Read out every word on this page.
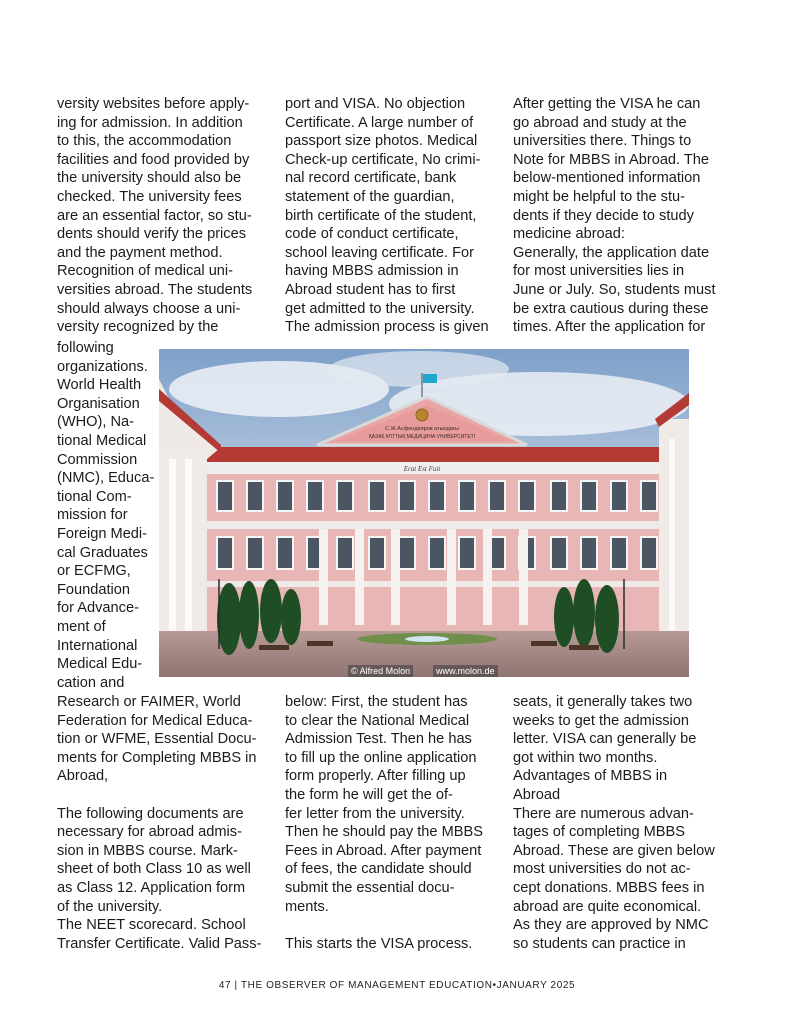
versity websites before apply-
ing for admission. In addition
to this, the accommodation
facilities and food provided by
the university should also be
checked. The university fees
are an essential factor, so stu-
dents should verify the prices
and the payment method.
Recognition of medical uni-
versities abroad. The students
should always choose a uni-
versity recognized by the
following
organizations.
World Health
Organisation
(WHO), Na-
tional Medical
Commission
(NMC), Educa-
tional Com-
mission for
Foreign Medi-
cal Graduates
or ECFMG,
Foundation
for Advance-
ment of
International
Medical Edu-
cation and
Research or FAIMER, World
Federation for Medical Educa-
tion or WFME, Essential Docu-
ments for Completing MBBS in
Abroad,
The following documents are
necessary for abroad admis-
sion in MBBS course. Mark-
sheet of both Class 10 as well
as Class 12. Application form
of the university.
The NEET scorecard. School
Transfer Certificate. Valid Pass-
port and VISA. No objection
Certificate. A large number of
passport size photos. Medical
Check-up certificate, No crimi-
nal record certificate, bank
statement of the guardian,
birth certificate of the student,
code of conduct certificate,
school leaving certificate. For
having MBBS admission in
Abroad student has to first
get admitted to the university.
The admission process is given
below: First, the student has
to clear the National Medical
Admission Test. Then he has
to fill up the online application
form properly. After filling up
the form he will get the of-
fer letter from the university.
Then he should pay the MBBS
Fees in Abroad. After payment
of fees, the candidate should
submit the essential docu-
ments.
This starts the VISA process.
After getting the VISA he can
go abroad and study at the
universities there. Things to
Note for MBBS in Abroad. The
below-mentioned information
might be helpful to the stu-
dents if they decide to study
medicine abroad:
Generally, the application date
for most universities lies in
June or July. So, students must
be extra cautious during these
times. After the application for
seats, it generally takes two
weeks to get the admission
letter. VISA can generally be
got within two months.
Advantages of MBBS in
Abroad
There are numerous advan-
tages of completing MBBS
Abroad. These are given below
most universities do not ac-
cept donations. MBBS fees in
abroad are quite economical.
As they are approved by NMC
so students can practice in
С.Ж.Асфендияров атындағы
ҚАЗАҚ ҰЛТТЫҚ МЕДИЦИНА УНИВЕРСИТЕТІ
Erat Est Fuit
© Alfred Molon	www.molon.de
47 | THE OBSERVER OF MANAGEMENT EDUCATION•JANUARY 2025
